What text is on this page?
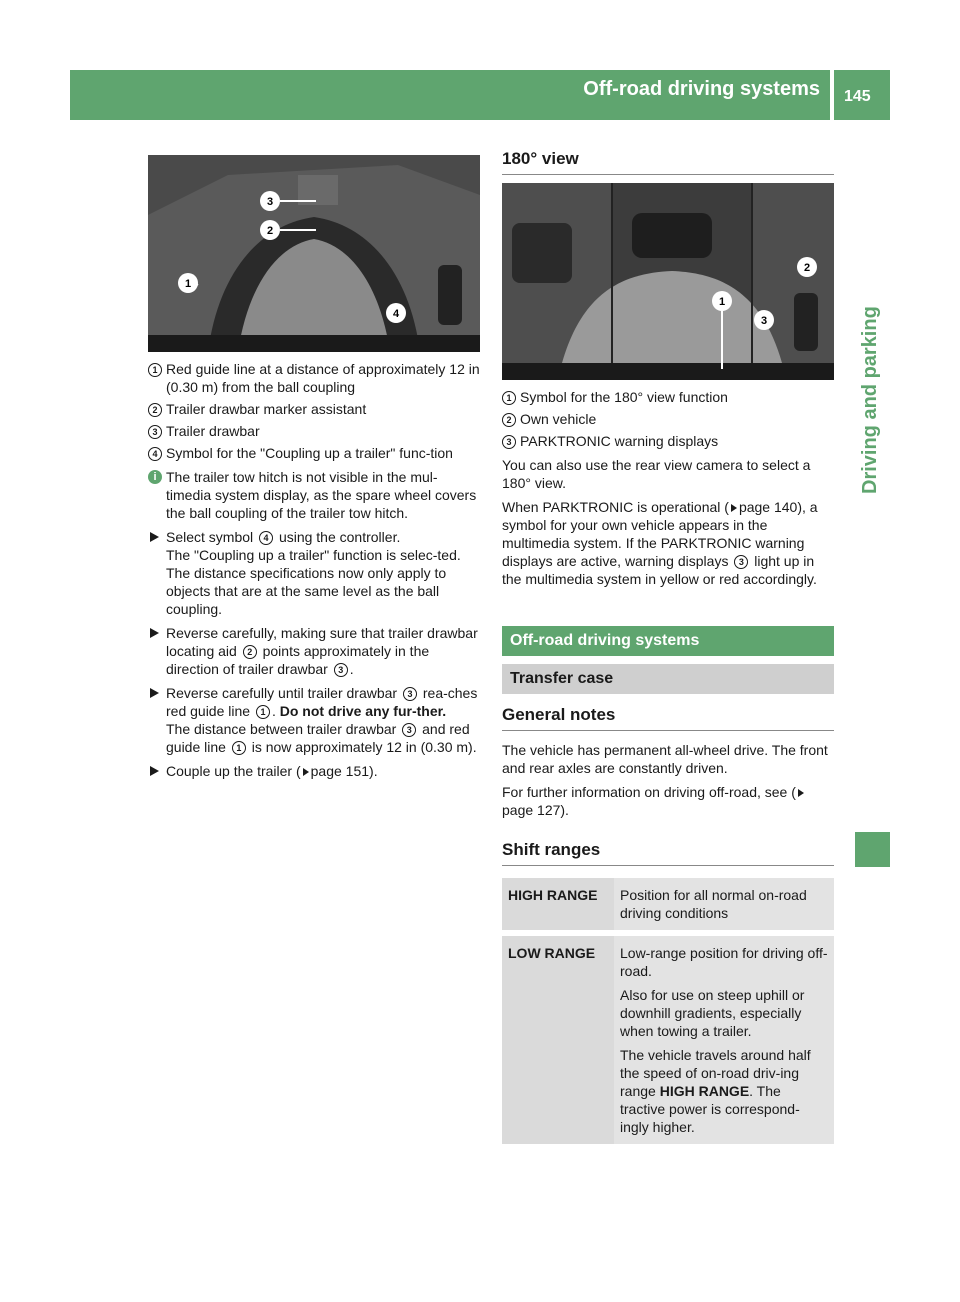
Off-road driving systems 145
Driving and parking
1
2
3
4
1 Red guide line at a distance of approximately 12 in (0.30 m) from the ball coupling
2 Trailer drawbar marker assistant
3 Trailer drawbar
4 Symbol for the "Coupling up a trailer" func-tion
i The trailer tow hitch is not visible in the mul-timedia system display, as the spare wheel covers the ball coupling of the trailer tow hitch.
Select symbol 4 using the controller.
The "Coupling up a trailer" function is selec-ted. The distance specifications now only apply to objects that are at the same level as the ball coupling.
Reverse carefully, making sure that trailer drawbar locating aid 2 points approximately in the direction of trailer drawbar 3 .
Reverse carefully until trailer drawbar 3 rea-ches red guide line 1 . Do not drive any fur-ther.
The distance between trailer drawbar 3 and red guide line 1 is now approximately 12 in (0.30 m).
Couple up the trailer ( page 151).
180° view
1
2
3
1 Symbol for the 180° view function
2 Own vehicle
3 PARKTRONIC warning displays

You can also use the rear view camera to select a 180° view.

When PARKTRONIC is operational ( page 140), a symbol for your own vehicle appears in the multimedia system. If the PARKTRONIC warning displays are active, warning displays 3 light up in the multimedia system in yellow or red accordingly.

Off-road driving systems
Transfer case
General notes

The vehicle has permanent all-wheel drive. The front and rear axles are constantly driven.

For further information on driving off-road, see (page 127).

Shift ranges
HIGH RANGE	Position for all normal on-road driving conditions

LOW RANGE	Low-range position for driving off-road.
Also for use on steep uphill or downhill gradients, especially when towing a trailer.
The vehicle travels around half the speed of on-road driv-ing range HIGH RANGE. The tractive power is correspond-ingly higher.
